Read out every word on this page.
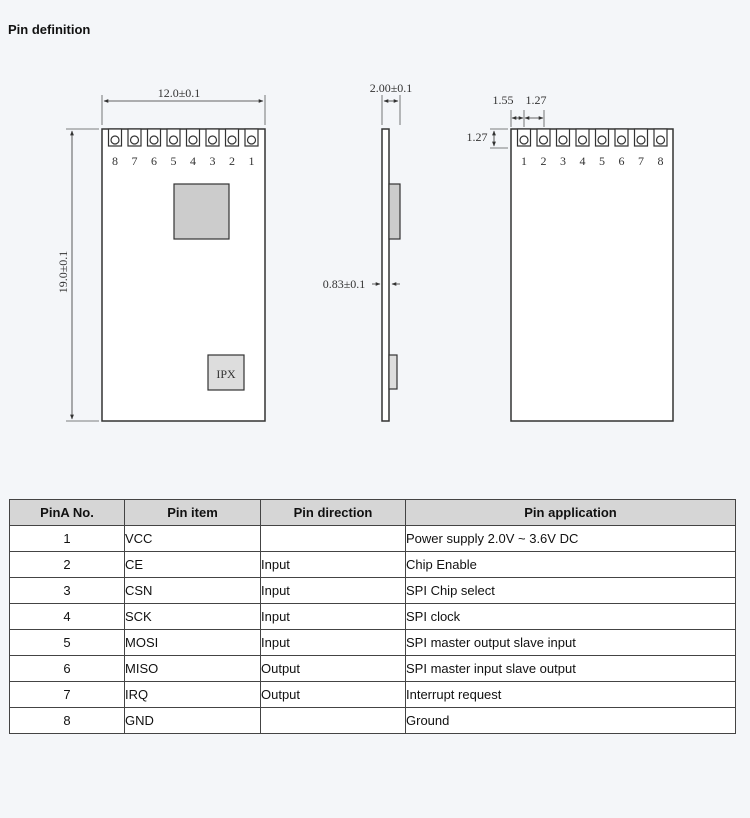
Pin definition
8 7 6 5 4 3 2 1
IPX
12.0±0.1
19.0±0.1
2.00±0.1
0.83±0.1
1 2 3 4 5 6 7 8
1.55 1.27
1.27
PinA No.	Pin item	Pin direction	Pin application
1	VCC		Power supply 2.0V ~ 3.6V DC
2	CE	Input	Chip Enable
3	CSN	Input	SPI Chip select
4	SCK	Input	SPI clock
5	MOSI	Input	SPI master output slave input
6	MISO	Output	SPI master input slave output
7	IRQ	Output	Interrupt request
8	GND		Ground
